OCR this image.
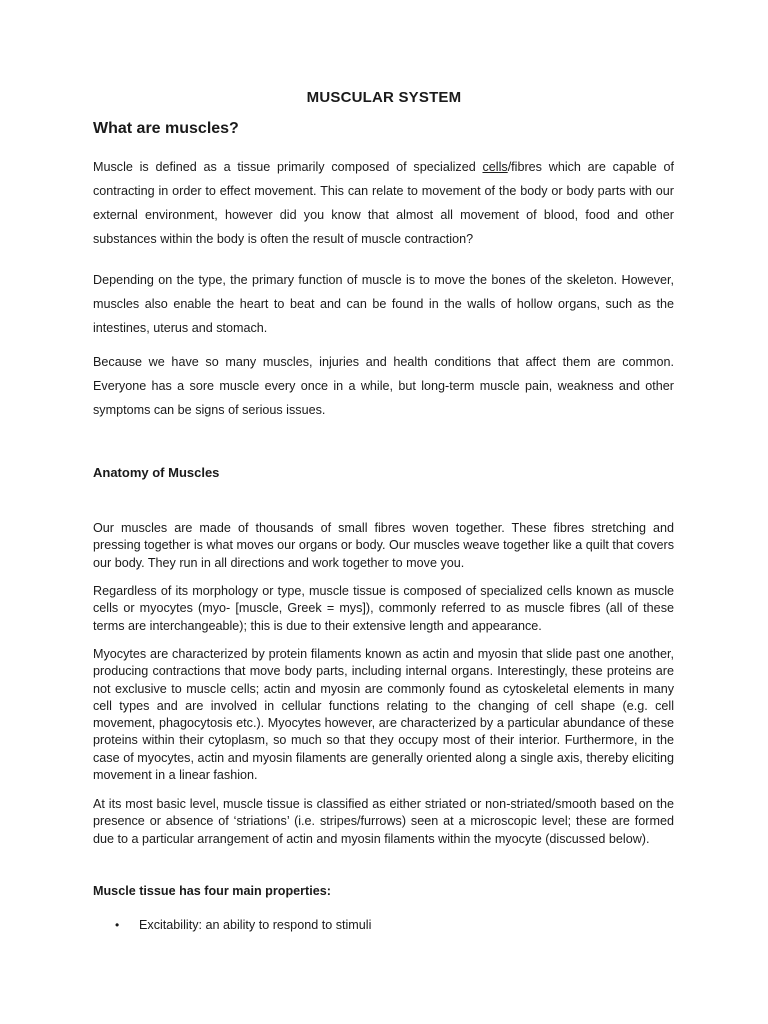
MUSCULAR SYSTEM
What are muscles?

Muscle is defined as a tissue primarily composed of specialized cells/fibres which are capable of contracting in order to effect movement. This can relate to movement of the body or body parts with our external environment, however did you know that almost all movement of blood, food and other substances within the body is often the result of muscle contraction?

Depending on the type, the primary function of muscle is to move the bones of the skeleton. However, muscles also enable the heart to beat and can be found in the walls of hollow organs, such as the intestines, uterus and stomach.

Because we have so many muscles, injuries and health conditions that affect them are common. Everyone has a sore muscle every once in a while, but long-term muscle pain, weakness and other symptoms can be signs of serious issues.

Anatomy of Muscles

Our muscles are made of thousands of small fibres woven together. These fibres stretching and pressing together is what moves our organs or body. Our muscles weave together like a quilt that covers our body. They run in all directions and work together to move you.

Regardless of its morphology or type, muscle tissue is composed of specialized cells known as muscle cells or myocytes (myo- [muscle, Greek = mys]), commonly referred to as muscle fibres (all of these terms are interchangeable); this is due to their extensive length and appearance.

Myocytes are characterized by protein filaments known as actin and myosin that slide past one another, producing contractions that move body parts, including internal organs. Interestingly, these proteins are not exclusive to muscle cells; actin and myosin are commonly found as cytoskeletal elements in many cell types and are involved in cellular functions relating to the changing of cell shape (e.g. cell movement, phagocytosis etc.). Myocytes however, are characterized by a particular abundance of these proteins within their cytoplasm, so much so that they occupy most of their interior. Furthermore, in the case of myocytes, actin and myosin filaments are generally oriented along a single axis, thereby eliciting movement in a linear fashion.

At its most basic level, muscle tissue is classified as either striated or non-striated/smooth based on the presence or absence of ‘striations’ (i.e. stripes/furrows) seen at a microscopic level; these are formed due to a particular arrangement of actin and myosin filaments within the myocyte (discussed below).

Muscle tissue has four main properties:
•	Excitability: an ability to respond to stimuli
